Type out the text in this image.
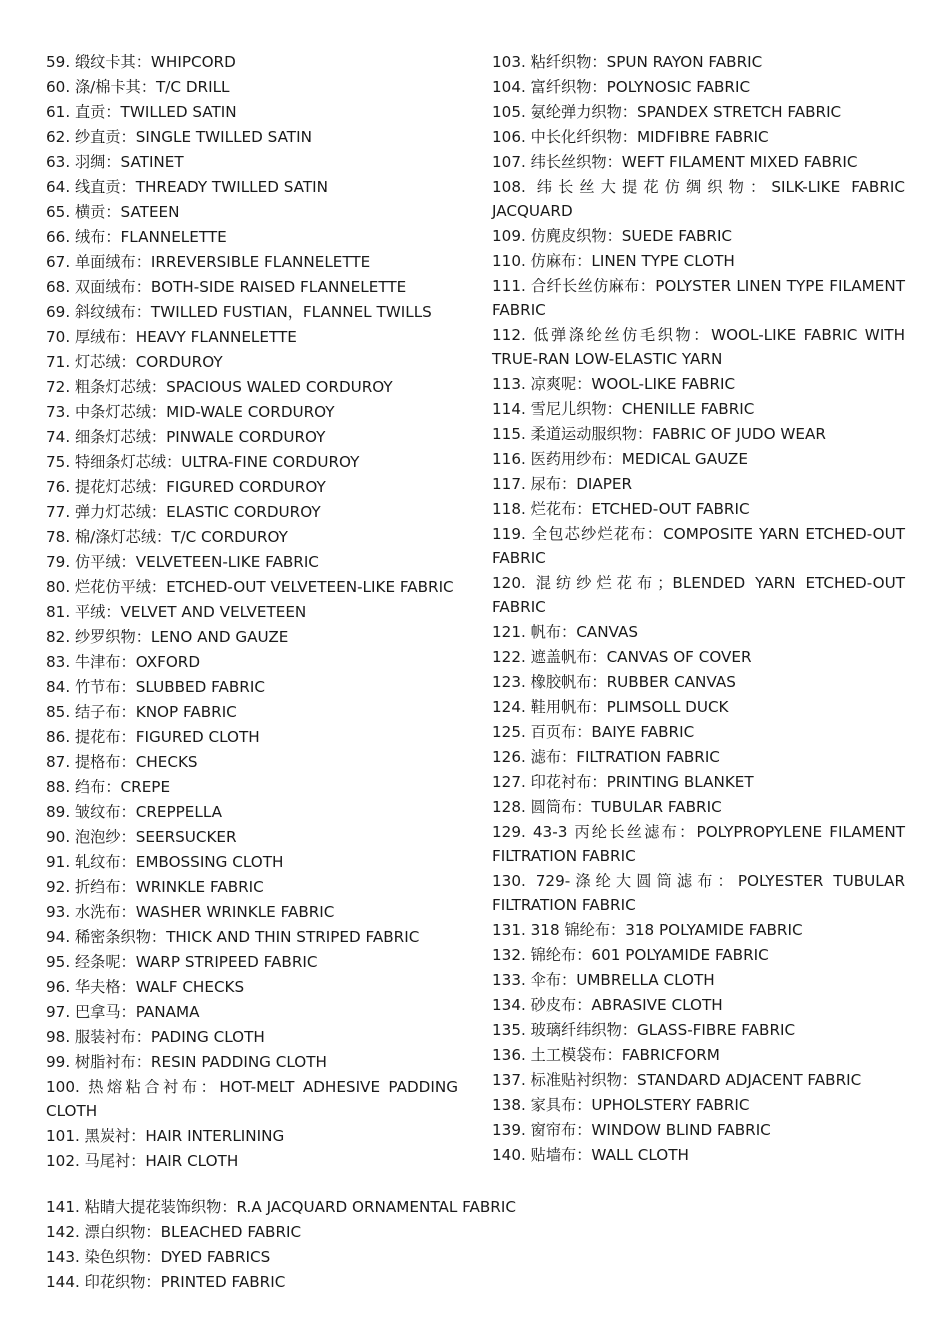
59. 缎纹卡其：WHIPCORD
60. 涤/棉卡其：T/C DRILL
61. 直贡：TWILLED SATIN
62. 纱直贡：SINGLE TWILLED SATIN
63. 羽绸：SATINET
64. 线直贡：THREADY TWILLED SATIN
65. 横贡：SATEEN
66. 绒布：FLANNELETTE
67. 单面绒布：IRREVERSIBLE FLANNELETTE
68. 双面绒布：BOTH-SIDE RAISED FLANNELETTE
69. 斜纹绒布：TWILLED FUSTIAN，FLANNEL TWILLS
70. 厚绒布：HEAVY FLANNELETTE
71. 灯芯绒：CORDUROY
72. 粗条灯芯绒：SPACIOUS WALED CORDUROY
73. 中条灯芯绒：MID-WALE CORDUROY
74. 细条灯芯绒：PINWALE CORDUROY
75. 特细条灯芯绒：ULTRA-FINE CORDUROY
76. 提花灯芯绒：FIGURED CORDUROY
77. 弹力灯芯绒：ELASTIC CORDUROY
78. 棉/涤灯芯绒：T/C CORDUROY
79. 仿平绒：VELVETEEN-LIKE FABRIC
80. 烂花仿平绒：ETCHED-OUT VELVETEEN-LIKE FABRIC
81. 平绒：VELVET AND VELVETEEN
82. 纱罗织物：LENO AND GAUZE
83. 牛津布：OXFORD
84. 竹节布：SLUBBED FABRIC
85. 结子布：KNOP FABRIC
86. 提花布：FIGURED CLOTH
87. 提格布：CHECKS
88. 绉布：CREPE
89. 皱纹布：CREPPELLA
90. 泡泡纱：SEERSUCKER
91. 轧纹布：EMBOSSING CLOTH
92. 折绉布：WRINKLE FABRIC
93. 水洗布：WASHER WRINKLE FABRIC
94. 稀密条织物：THICK AND THIN STRIPED FABRIC
95. 经条呢：WARP STRIPEED FABRIC
96. 华夫格：WALF CHECKS
97. 巴拿马：PANAMA
98. 服装衬布：PADING CLOTH
99. 树脂衬布：RESIN PADDING CLOTH
100. 热熔粘合衬布：HOT-MELT ADHESIVE PADDING CLOTH
101. 黑炭衬：HAIR INTERLINING
102. 马尾衬：HAIR CLOTH
103. 粘纤织物：SPUN RAYON FABRIC
104. 富纤织物：POLYNOSIC FABRIC
105. 氨纶弹力织物：SPANDEX STRETCH FABRIC
106. 中长化纤织物：MIDFIBRE FABRIC
107. 纬长丝织物：WEFT FILAMENT MIXED FABRIC
108. 纬长丝大提花仿绸织物：SILK-LIKE FABRIC JACQUARD
109. 仿麂皮织物：SUEDE FABRIC
110. 仿麻布：LINEN TYPE CLOTH
111. 合纤长丝仿麻布：POLYSTER LINEN TYPE FILAMENT FABRIC
112. 低弹涤纶丝仿毛织物：WOOL-LIKE FABRIC WITH TRUE-RAN LOW-ELASTIC YARN
113. 凉爽呢：WOOL-LIKE FABRIC
114. 雪尼儿织物：CHENILLE FABRIC
115. 柔道运动服织物：FABRIC OF JUDO WEAR
116. 医药用纱布：MEDICAL GAUZE
117. 尿布：DIAPER
118. 烂花布：ETCHED-OUT FABRIC
119. 全包芯纱烂花布：COMPOSITE YARN ETCHED-OUT FABRIC
120. 混纺纱烂花布；BLENDED YARN ETCHED-OUT FABRIC
121. 帆布：CANVAS
122. 遮盖帆布：CANVAS OF COVER
123. 橡胶帆布：RUBBER CANVAS
124. 鞋用帆布：PLIMSOLL DUCK
125. 百页布：BAIYE FABRIC
126. 滤布：FILTRATION FABRIC
127. 印花衬布：PRINTING BLANKET
128. 圆筒布：TUBULAR FABRIC
129. 43-3 丙纶长丝滤布：POLYPROPYLENE FILAMENT FILTRATION FABRIC
130. 729-涤纶大圆筒滤布：POLYESTER TUBULAR FILTRATION FABRIC
131. 318 锦纶布：318 POLYAMIDE FABRIC
132. 锦纶布：601 POLYAMIDE FABRIC
133. 伞布：UMBRELLA CLOTH
134. 砂皮布：ABRASIVE CLOTH
135. 玻璃纤纬织物：GLASS-FIBRE FABRIC
136. 土工模袋布：FABRICFORM
137. 标准贴衬织物：STANDARD ADJACENT FABRIC
138. 家具布：UPHOLSTERY FABRIC
139. 窗帘布：WINDOW BLIND FABRIC
140. 贴墙布：WALL CLOTH
141. 粘睛大提花装饰织物：R.A JACQUARD ORNAMENTAL FABRIC
142. 漂白织物：BLEACHED FABRIC
143. 染色织物：DYED FABRICS
144. 印花织物：PRINTED FABRIC
